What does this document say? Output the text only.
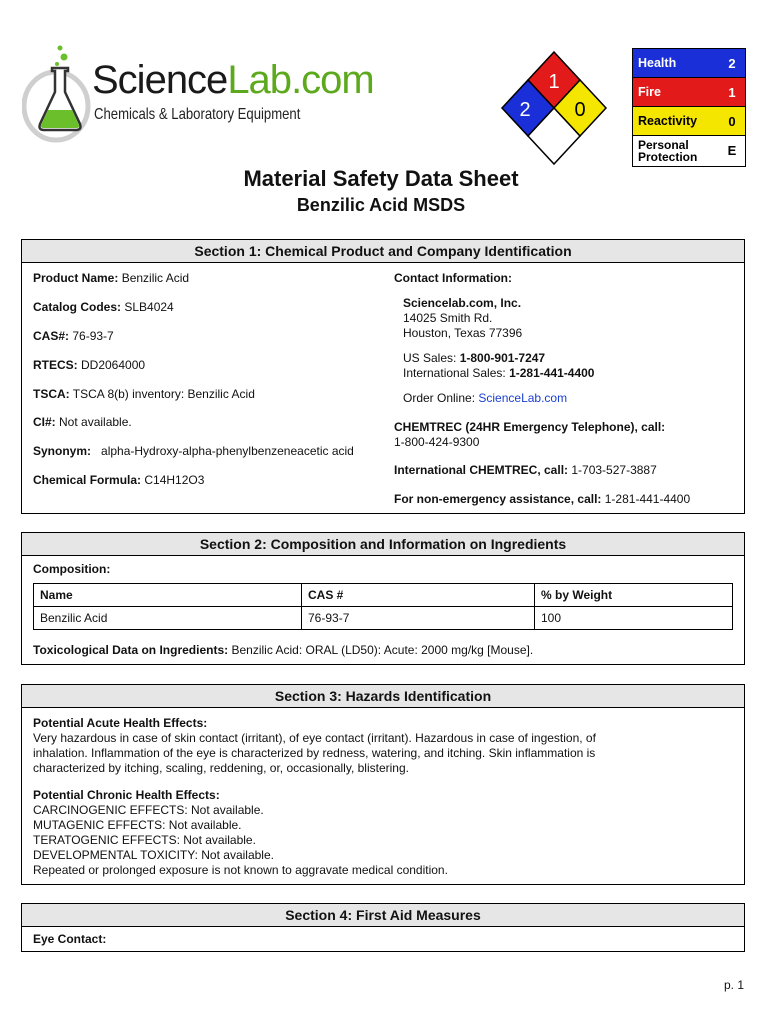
Science Lab .com
Chemicals & Laboratory Equipment
1
2 0
Health	2
Fire	1
Reactivity	0
Personal
Protection	E
Material Safety Data Sheet
Benzilic Acid MSDS
Section 1: Chemical Product and Company Identification
Product Name: Benzilic Acid
Catalog Codes: SLB4024
CAS#: 76-93-7
RTECS: DD2064000
TSCA: TSCA 8(b) inventory: Benzilic Acid
CI#: Not available.
Synonym:   alpha-Hydroxy-alpha-phenylbenzeneacetic acid
Chemical Formula: C14H12O3
Contact Information:
Sciencelab.com, Inc.
14025 Smith Rd.
Houston, Texas 77396
US Sales: 1-800-901-7247
International Sales: 1-281-441-4400
Order Online: ScienceLab.com
CHEMTREC (24HR Emergency Telephone), call:
1-800-424-9300
International CHEMTREC, call: 1-703-527-3887
For non-emergency assistance, call: 1-281-441-4400
Section 2: Composition and Information on Ingredients
Composition:
Name	CAS #	% by Weight
Benzilic Acid	76-93-7	100
Toxicological Data on Ingredients: Benzilic Acid: ORAL (LD50): Acute: 2000 mg/kg [Mouse].
Section 3: Hazards Identification
Potential Acute Health Effects:
Very hazardous in case of skin contact (irritant), of eye contact (irritant). Hazardous in case of ingestion, of
inhalation. Inflammation of the eye is characterized by redness, watering, and itching. Skin inflammation is
characterized by itching, scaling, reddening, or, occasionally, blistering.
Potential Chronic Health Effects:
CARCINOGENIC EFFECTS: Not available.
MUTAGENIC EFFECTS: Not available.
TERATOGENIC EFFECTS: Not available.
DEVELOPMENTAL TOXICITY: Not available.
Repeated or prolonged exposure is not known to aggravate medical condition.
Section 4: First Aid Measures
Eye Contact:
p. 1
